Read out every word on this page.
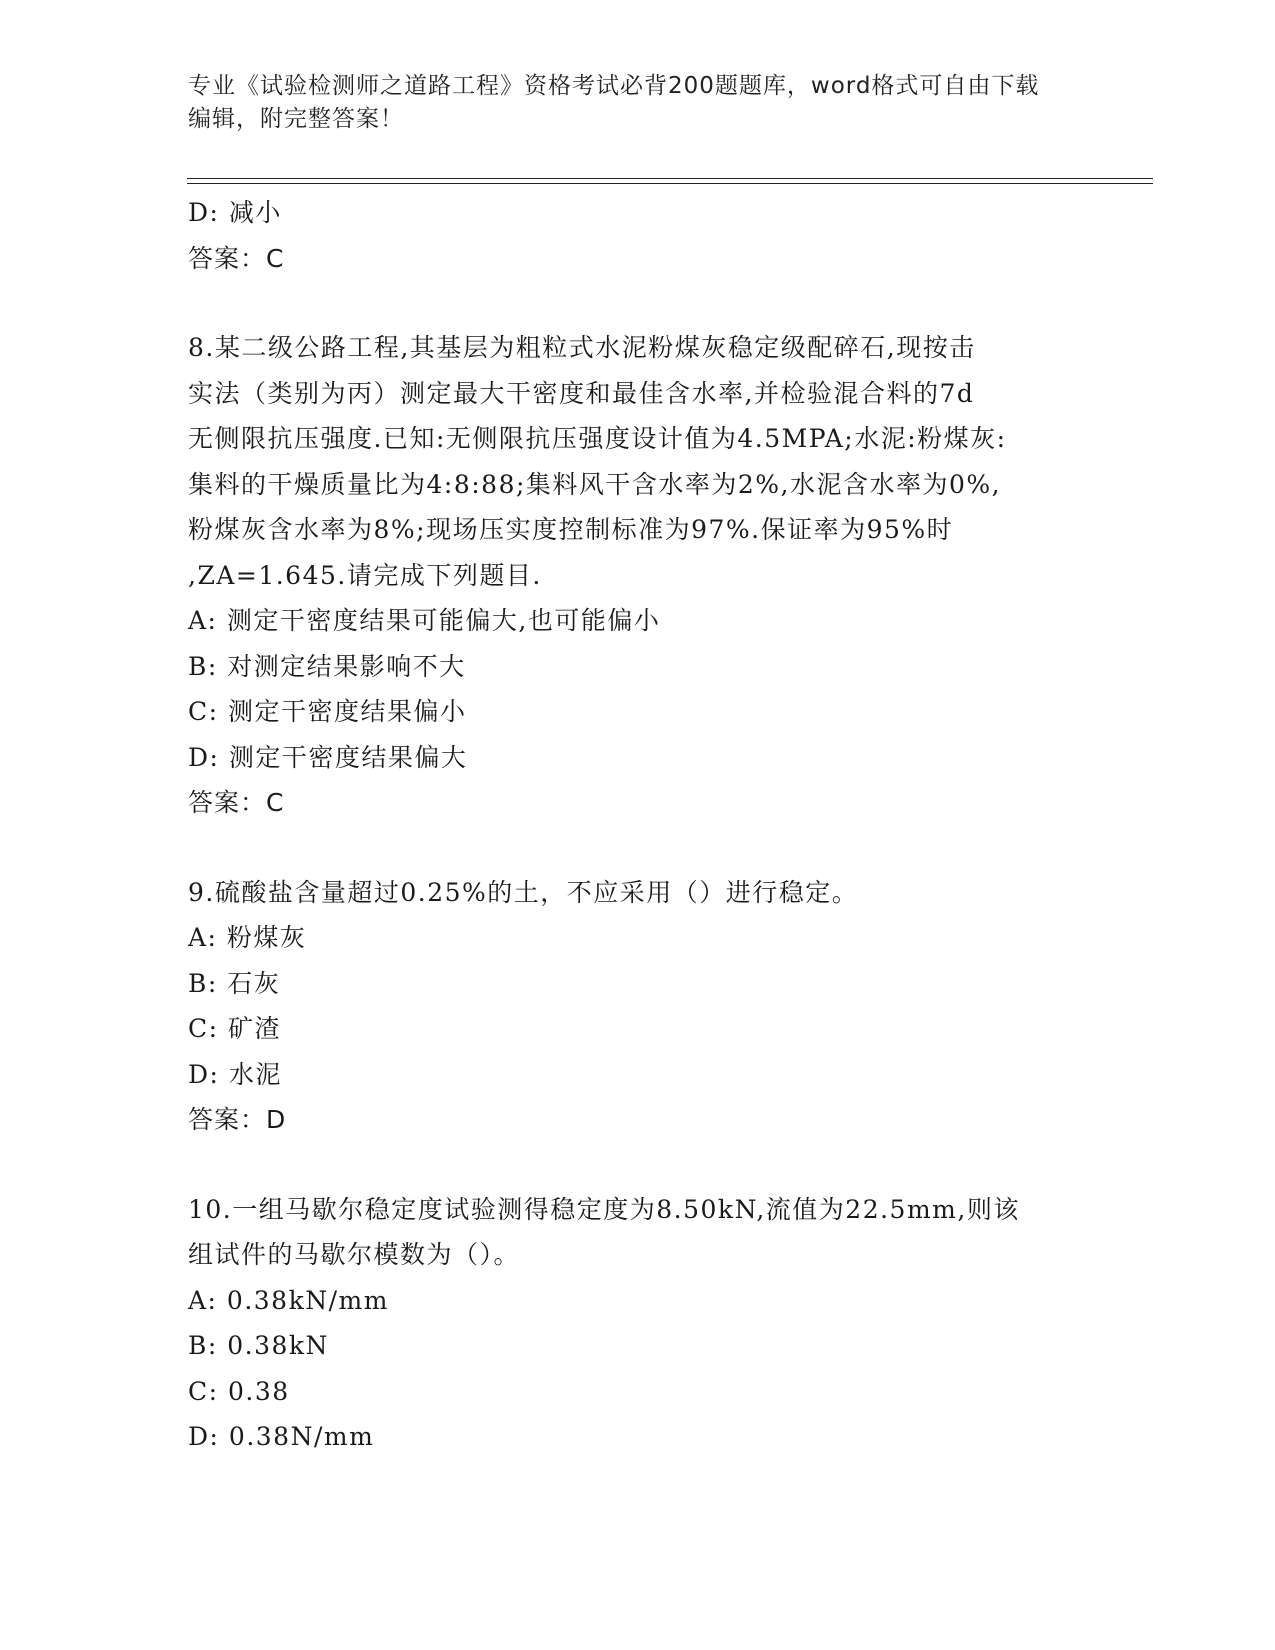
专业《试验检测师之道路工程》资格考试必背200题题库，word格式可自由下载
编辑，附完整答案！
D: 减小
答案：C
8.某二级公路工程,其基层为粗粒式水泥粉煤灰稳定级配碎石,现按击
实法（类别为丙）测定最大干密度和最佳含水率,并检验混合料的7d
无侧限抗压强度.已知:无侧限抗压强度设计值为4.5MPA;水泥:粉煤灰:
集料的干燥质量比为4:8:88;集料风干含水率为2%,水泥含水率为0%,
粉煤灰含水率为8%;现场压实度控制标准为97%.保证率为95%时
,ZA=1.645.请完成下列题目.
A: 测定干密度结果可能偏大,也可能偏小
B: 对测定结果影响不大
C: 测定干密度结果偏小
D: 测定干密度结果偏大
答案：C
9.硫酸盐含量超过0.25%的土，不应采用（）进行稳定。
A: 粉煤灰
B: 石灰
C: 矿渣
D: 水泥
答案：D
10.一组马歇尔稳定度试验测得稳定度为8.50kN,流值为22.5mm,则该
组试件的马歇尔模数为（）。
A: 0.38kN/mm
B: 0.38kN
C: 0.38
D: 0.38N/mm
